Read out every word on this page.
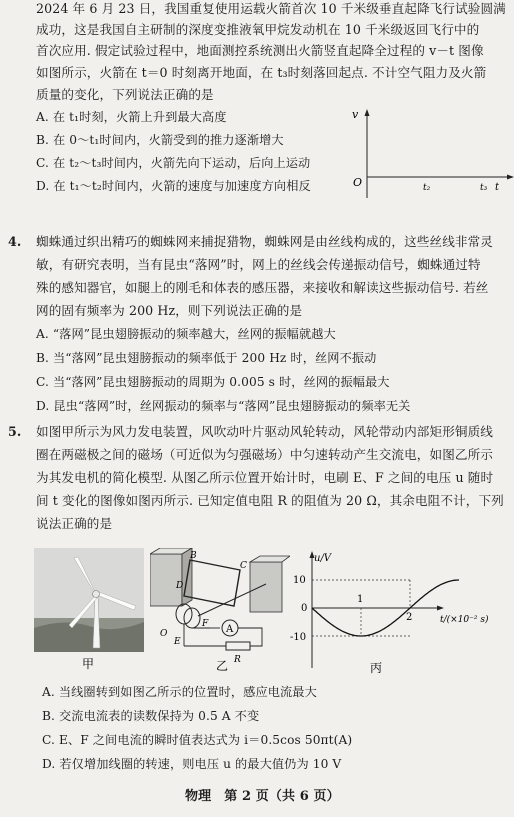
2024 年 6 月 23 日，我国重复使用运载火箭首次 10 千米级垂直起降飞行试验圆满
成功，这是我国自主研制的深度变推液氧甲烷发动机在 10 千米级返回飞行中的
首次应用. 假定试验过程中，地面测控系统测出火箭竖直起降全过程的 v－t 图像
如图所示，火箭在 t＝0 时刻离开地面，在 t₃时刻落回起点. 不计空气阻力及火箭
质量的变化，下列说法正确的是
A. 在 t₁时刻，火箭上升到最大高度
B. 在 0～t₁时间内，火箭受到的推力逐渐增大
C. 在 t₂～t₃时间内，火箭先向下运动，后向上运动
D. 在 t₁～t₂时间内，火箭的速度与加速度方向相反
v
O	t₂	t₃ t
4. 蜘蛛通过织出精巧的蜘蛛网来捕捉猎物，蜘蛛网是由丝线构成的，这些丝线非常灵
敏，有研究表明，当有昆虫“落网”时，网上的丝线会传递振动信号，蜘蛛通过特
殊的感知器官，如腿上的刚毛和体表的感压器，来接收和解读这些振动信号. 若丝
网的固有频率为 200 Hz，则下列说法正确的是
A. “落网”昆虫翅膀振动的频率越大，丝网的振幅就越大
B. 当“落网”昆虫翅膀振动的频率低于 200 Hz 时，丝网不振动
C. 当“落网”昆虫翅膀振动的周期为 0.005 s 时，丝网的振幅最大
D. 昆虫“落网”时，丝网振动的频率与“落网”昆虫翅膀振动的频率无关
5. 如图甲所示为风力发电装置，风吹动叶片驱动风轮转动，风轮带动内部矩形铜质线
圈在两磁极之间的磁场（可近似为匀强磁场）中匀速转动产生交流电，如图乙所示
为其发电机的简化模型. 从图乙所示位置开始计时，电刷 E、F 之间的电压 u 随时
间 t 变化的图像如图丙所示. 已知定值电阻 R 的阻值为 20 Ω，其余电阻不计，下列
说法正确的是
甲
A
B
C
D
F
O
E
R
乙
u/V
10
0
-10
1
2	t/(×10⁻² s)
丙
A. 当线圈转到如图乙所示的位置时，感应电流最大
B. 交流电流表的读数保持为 0.5 A 不变
C. E、F 之间电流的瞬时值表达式为 i＝0.5cos 50πt(A)
D. 若仅增加线圈的转速，则电压 u 的最大值仍为 10 V
物理　第 2 页（共 6 页）
